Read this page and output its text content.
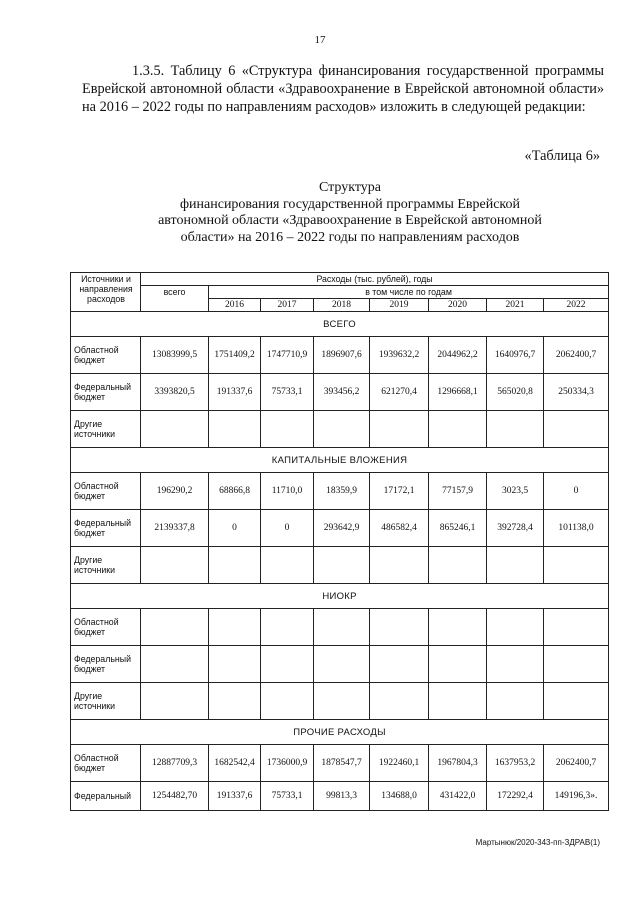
17
1.3.5. Таблицу 6 «Структура финансирования государственной программы Еврейской автономной области «Здравоохранение в Еврейской автономной области» на 2016 – 2022 годы по направлениям расходов» изложить в следующей редакции:
«Таблица 6»
Структура
финансирования государственной программы Еврейской
автономной области «Здравоохранение в Еврейской автономной
области» на 2016 – 2022 годы по направлениям расходов
Источники и направления расходов	Расходы (тыс. рублей), годы							
	всего	в том числе по годам						
		2016	2017	2018	2019	2020	2021	2022
ВСЕГО								
Областной бюджет	13083999,5	1751409,2	1747710,9	1896907,6	1939632,2	2044962,2	1640976,7	2062400,7
Федеральный бюджет	3393820,5	191337,6	75733,1	393456,2	621270,4	1296668,1	565020,8	250334,3
Другие источники								
КАПИТАЛЬНЫЕ ВЛОЖЕНИЯ								
Областной бюджет	196290,2	68866,8	11710,0	18359,9	17172,1	77157,9	3023,5	0
Федеральный бюджет	2139337,8	0	0	293642,9	486582,4	865246,1	392728,4	101138,0
Другие источники								
НИОКР								
Областной бюджет								
Федеральный бюджет								
Другие источники								
ПРОЧИЕ РАСХОДЫ								
Областной бюджет	12887709,3	1682542,4	1736000,9	1878547,7	1922460,1	1967804,3	1637953,2	2062400,7
Федеральный	1254482,70	191337,6	75733,1	99813,3	134688,0	431422,0	172292,4	149196,3».
Мартынюк/2020-343-пп-ЗДРАВ(1)
